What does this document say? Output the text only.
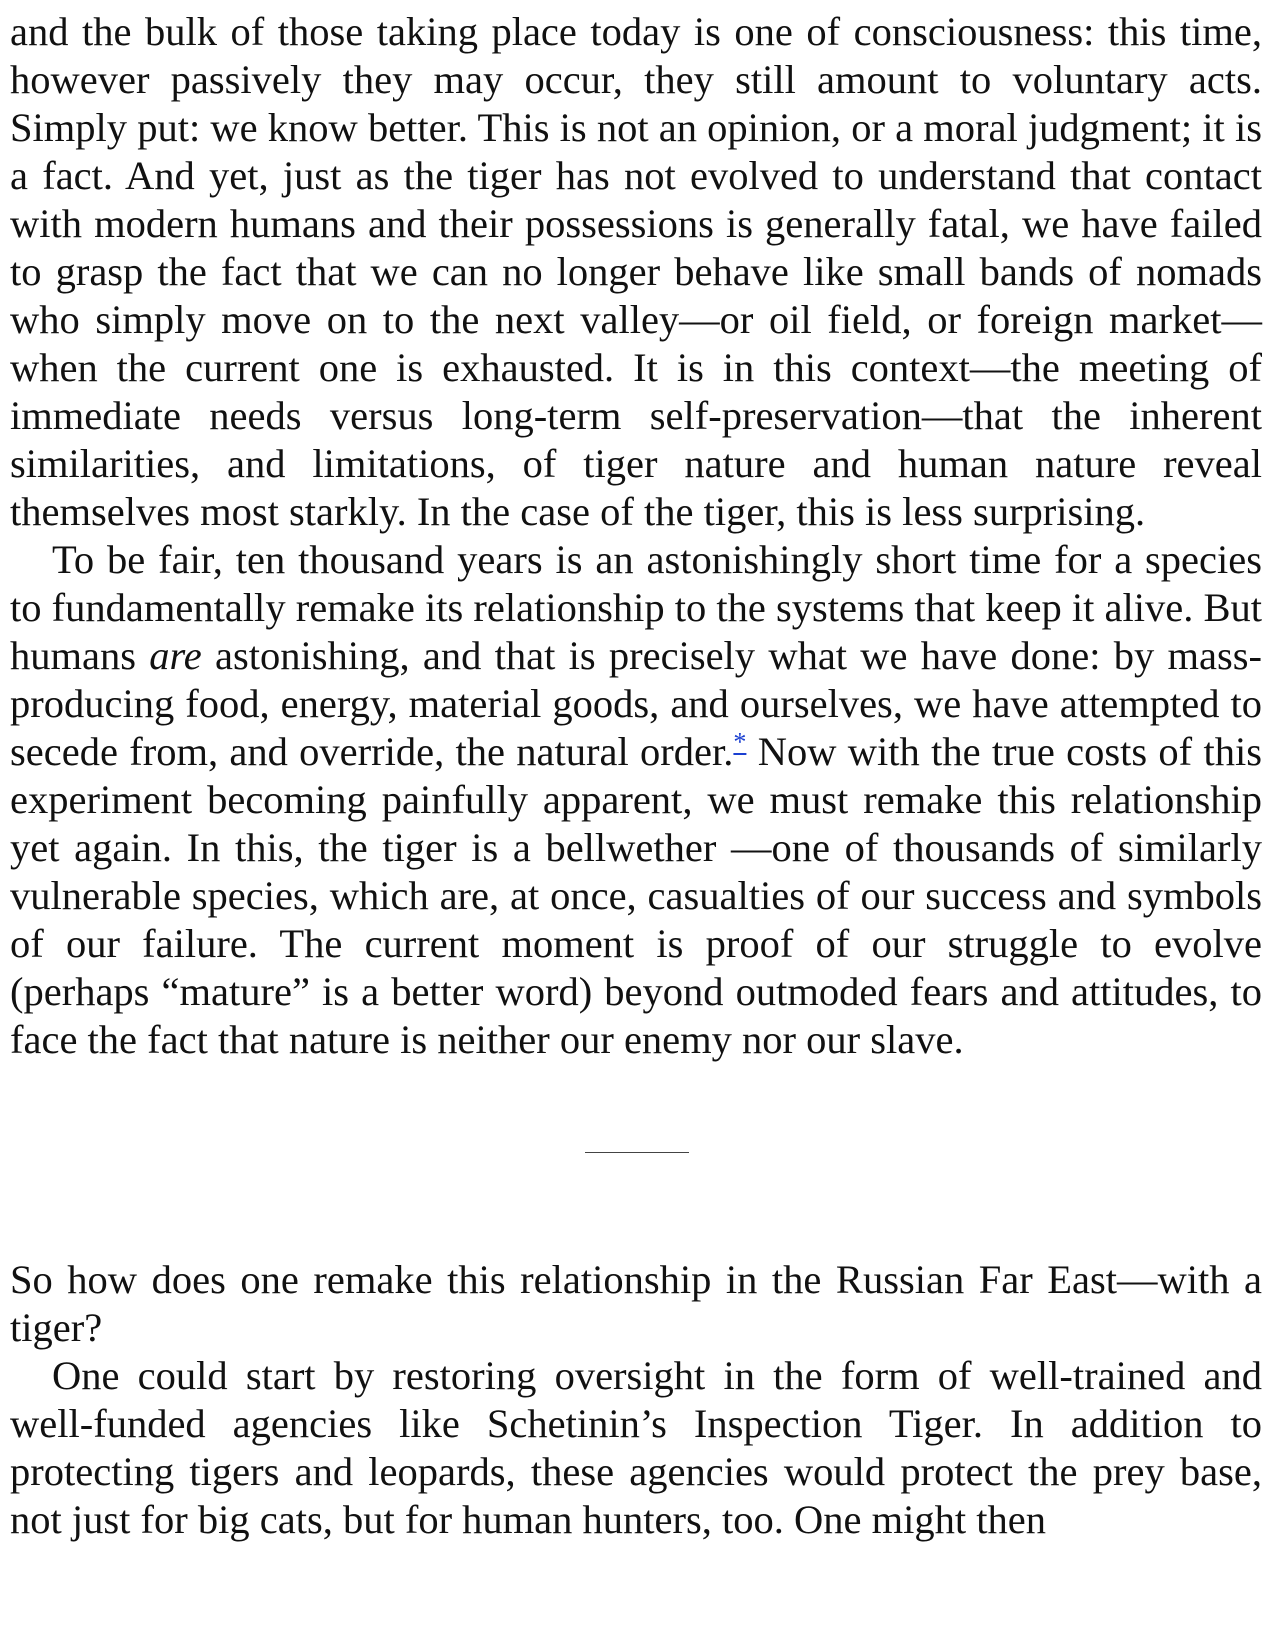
and the bulk of those taking place today is one of consciousness: this time, however passively they may occur, they still amount to voluntary acts. Simply put: we know better. This is not an opinion, or a moral judgment; it is a fact. And yet, just as the tiger has not evolved to understand that contact with modern humans and their possessions is generally fatal, we have failed to grasp the fact that we can no longer behave like small bands of nomads who simply move on to the next valley—or oil field, or foreign market—when the current one is exhausted. It is in this context—the meeting of immediate needs versus long-term self-preservation—that the inherent similarities, and limitations, of tiger nature and human nature reveal themselves most starkly. In the case of the tiger, this is less surprising.

To be fair, ten thousand years is an astonishingly short time for a species to fundamentally remake its relationship to the systems that keep it alive. But humans are astonishing, and that is precisely what we have done: by mass-producing food, energy, material goods, and ourselves, we have attempted to secede from, and override, the natural order.* Now with the true costs of this experiment becoming painfully apparent, we must remake this relationship yet again. In this, the tiger is a bellwether —one of thousands of similarly vulnerable species, which are, at once, casualties of our success and symbols of our failure. The current moment is proof of our struggle to evolve (perhaps “mature” is a better word) beyond outmoded fears and attitudes, to face the fact that nature is neither our enemy nor our slave.

So how does one remake this relationship in the Russian Far East—with a tiger?

One could start by restoring oversight in the form of well-trained and well-funded agencies like Schetinin’s Inspection Tiger. In addition to protecting tigers and leopards, these agencies would protect the prey base, not just for big cats, but for human hunters, too. One might then
